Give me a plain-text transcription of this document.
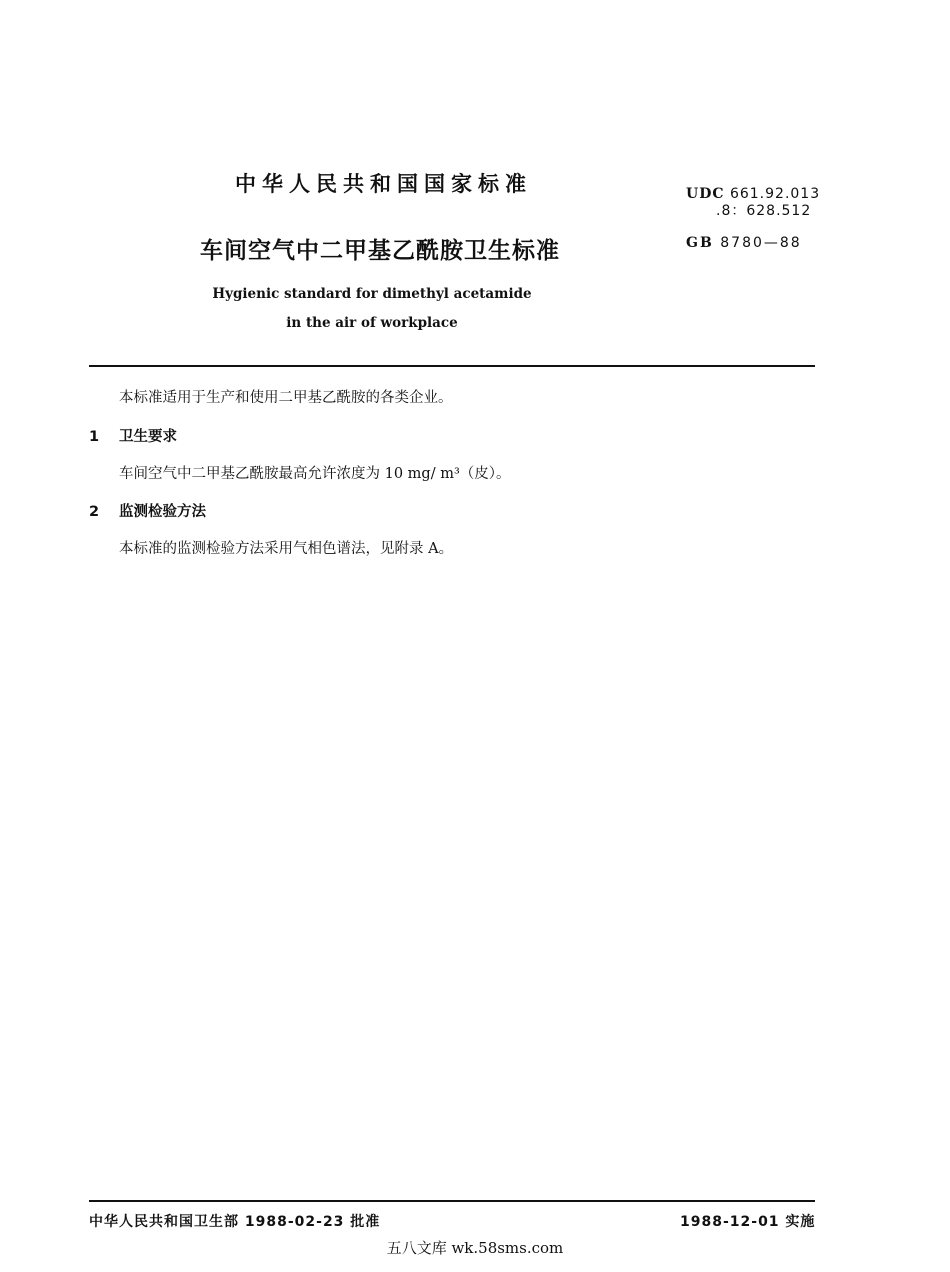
中华人民共和国国家标准	UDC 661.92.013
.8：628.512
GB 8780—88
车间空气中二甲基乙酰胺卫生标准
Hygienic standard for dimethyl acetamide
in the air of workplace
本标准适用于生产和使用二甲基乙酰胺的各类企业。
1 卫生要求
车间空气中二甲基乙酰胺最高允许浓度为 10 mg/ m³（皮）。
2 监测检验方法
本标准的监测检验方法采用气相色谱法，见附录 A。
中华人民共和国卫生部 1988-02-23 批准	1988-12-01 实施
五八文库 wk.58sms.com
